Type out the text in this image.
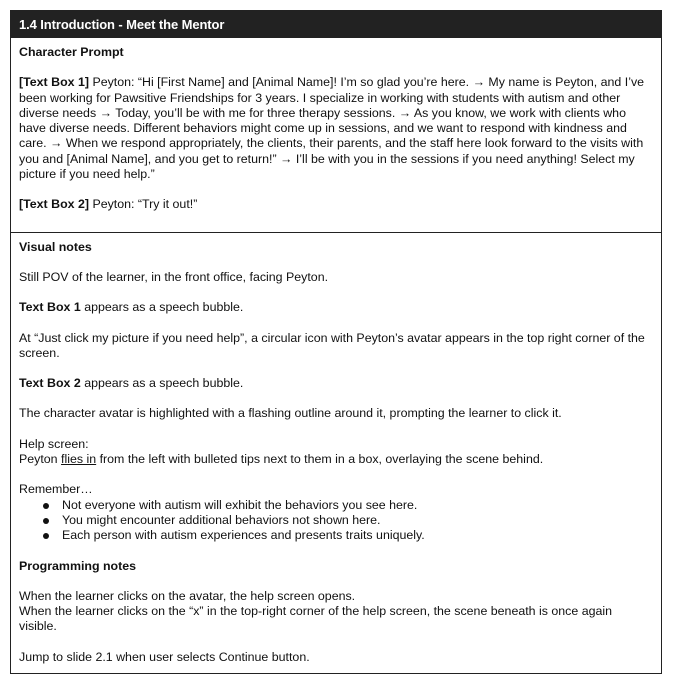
1.4 Introduction - Meet the Mentor

Character Prompt

[Text Box 1] Peyton: “Hi [First Name] and [Animal Name]! I’m so glad you’re here. → My name is Peyton, and I’ve been working for Pawsitive Friendships for 3 years. I specialize in working with students with autism and other diverse needs → Today, you’ll be with me for three therapy sessions. → As you know, we work with clients who have diverse needs. Different behaviors might come up in sessions, and we want to respond with kindness and care. → When we respond appropriately, the clients, their parents, and the staff here look forward to the visits with you and [Animal Name], and you get to return!” → I’ll be with you in the sessions if you need anything! Select my picture if you need help.”

[Text Box 2] Peyton: “Try it out!”

Visual notes

Still POV of the learner, in the front office, facing Peyton.

Text Box 1 appears as a speech bubble.

At “Just click my picture if you need help”, a circular icon with Peyton’s avatar appears in the top right corner of the screen.

Text Box 2 appears as a speech bubble.

The character avatar is highlighted with a flashing outline around it, prompting the learner to click it.

Help screen:

Peyton flies in from the left with bulleted tips next to them in a box, overlaying the scene behind.

Remember…

Not everyone with autism will exhibit the behaviors you see here.
You might encounter additional behaviors not shown here.
Each person with autism experiences and presents traits uniquely.

Programming notes

When the learner clicks on the avatar, the help screen opens.

When the learner clicks on the “x” in the top-right corner of the help screen, the scene beneath is once again visible.

Jump to slide 2.1 when user selects Continue button.
